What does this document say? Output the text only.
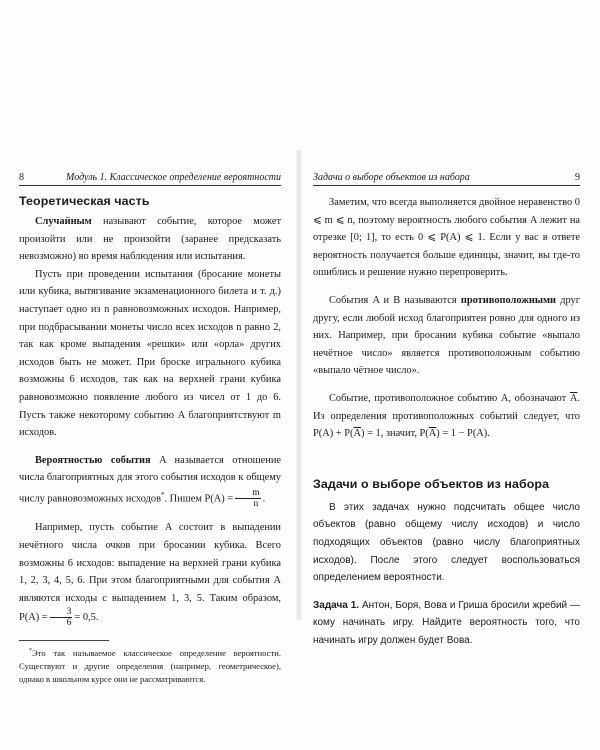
8	Модуль 1. Классическое определение вероятности
Теоретическая часть

Случайным называют событие, которое может произойти или не произойти (заранее предсказать невозможно) во время наблюдения или испытания.

Пусть при проведении испытания (бросание монеты или кубика, вытягивание экзаменационного билета и т. д.) наступает одно из n равновозможных исходов. Например, при подбрасывании монеты число всех исходов n равно 2, так как кроме выпадения «решки» или «орла» других исходов быть не может. При броске игрального кубика возможны 6 исходов, так как на верхней грани кубика равновозможно появление любого из чисел от 1 до 6. Пусть также некоторому событию A благоприятствуют m исходов.

Вероятностью события A называется отношение числа благоприятных для этого события исходов к общему числу равновозможных исходов*. Пишем $P(A) = \frac{m}{n}$ .

Например, пусть событие A состоит в выпадении нечётного числа очков при бросании кубика. Всего возможны 6 исходов: выпадение на верхней грани кубика 1, 2, 3, 4, 5, 6. При этом благоприятными для события A являются исходы с выпадением 1, 3, 5. Таким образом, $P(A) = \frac{3}{6} = 0,5$.

*Это так называемое классическое определение вероятности. Существуют и другие определения (например, геометрическое), однако в школьном курсе они не рассматриваются.

Задачи о выборе объектов из набора	9

Заметим, что всегда выполняется двойное неравенство 0 ⩽ m ⩽ n, поэтому вероятность любого события A лежит на отрезке [0; 1], то есть 0 ⩽ P(A) ⩽ 1. Если у вас в ответе вероятность получается больше единицы, значит, вы где-то ошиблись и решение нужно перепроверить.

События A и B называются противоположными друг другу, если любой исход благоприятен ровно для одного из них. Например, при бросании кубика событие «выпало нечётное число» является противоположным событию «выпало чётное число».

Событие, противоположное событию A, обозначают $\overline{A}$. Из определения противоположных событий следует, что $P(A) + P(\overline{A}) = 1$, значит, $P(\overline{A}) = 1 - P(A)$.

Задачи о выборе объектов из набора

В этих задачах нужно подсчитать общее число объектов (равно общему числу исходов) и число подходящих объектов (равно числу благоприятных исходов). После этого следует воспользоваться определением вероятности.

Задача 1. Антон, Боря, Вова и Гриша бросили жребий — кому начинать игру. Найдите вероятность того, что начинать игру должен будет Вова.
